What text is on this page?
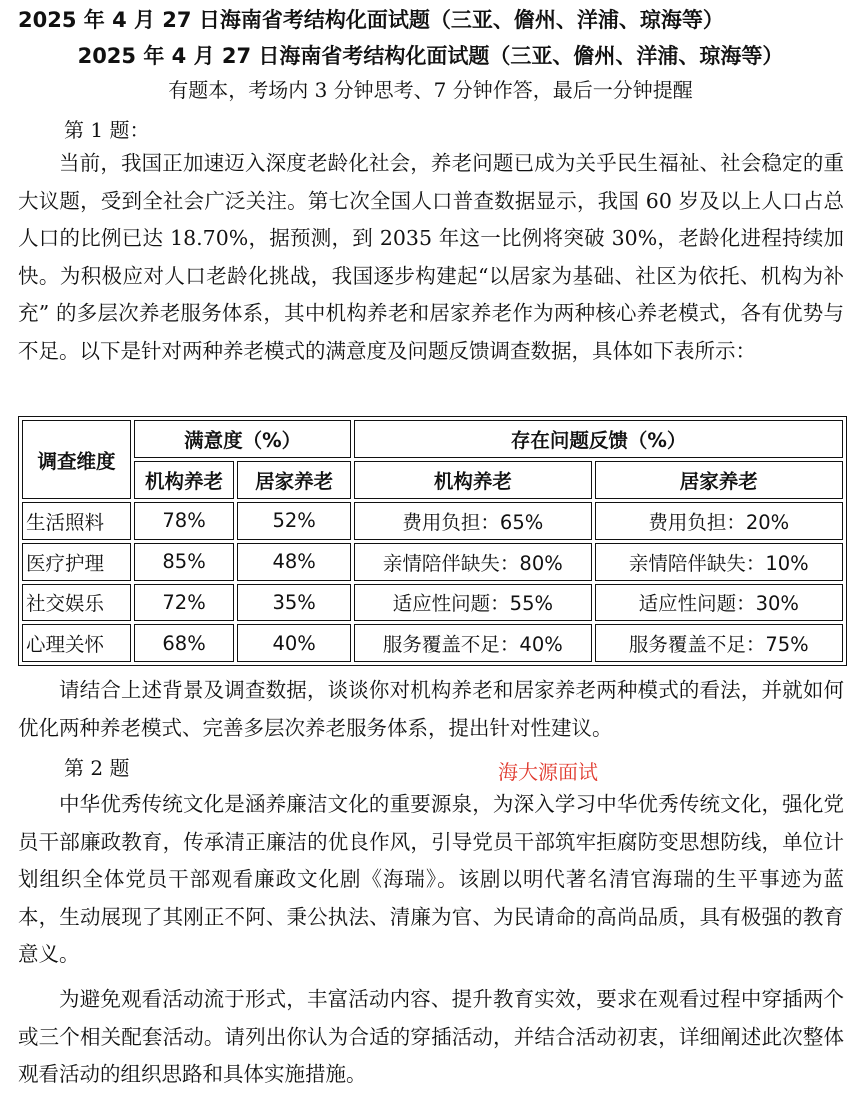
2025 年 4 月 27 日海南省考结构化面试题（三亚、儋州、洋浦、琼海等）
2025 年 4 月 27 日海南省考结构化面试题（三亚、儋州、洋浦、琼海等）
有题本，考场内 3 分钟思考、7 分钟作答，最后一分钟提醒
第 1 题：
当前，我国正加速迈入深度老龄化社会，养老问题已成为关乎民生福祉、社会稳定的重大议题，受到全社会广泛关注。第七次全国人口普查数据显示，我国 60 岁及以上人口占总人口的比例已达 18.70%，据预测，到 2035 年这一比例将突破 30%，老龄化进程持续加快。为积极应对人口老龄化挑战，我国逐步构建起“以居家为基础、社区为依托、机构为补充” 的多层次养老服务体系，其中机构养老和居家养老作为两种核心养老模式，各有优势与不足。以下是针对两种养老模式的满意度及问题反馈调查数据，具体如下表所示：
调查维度	满意度（%）		存在问题反馈（%）	
	机构养老	居家养老	机构养老	居家养老
生活照料	78%	52%	费用负担：65%	费用负担：20%
医疗护理	85%	48%	亲情陪伴缺失：80%	亲情陪伴缺失：10%
社交娱乐	72%	35%	适应性问题：55%	适应性问题：30%
心理关怀	68%	40%	服务覆盖不足：40%	服务覆盖不足：75%
请结合上述背景及调查数据，谈谈你对机构养老和居家养老两种模式的看法，并就如何优化两种养老模式、完善多层次养老服务体系，提出针对性建议。
第 2 题	海大源面试
中华优秀传统文化是涵养廉洁文化的重要源泉，为深入学习中华优秀传统文化，强化党员干部廉政教育，传承清正廉洁的优良作风，引导党员干部筑牢拒腐防变思想防线，单位计划组织全体党员干部观看廉政文化剧《海瑞》。该剧以明代著名清官海瑞的生平事迹为蓝本，生动展现了其刚正不阿、秉公执法、清廉为官、为民请命的高尚品质，具有极强的教育意义。
为避免观看活动流于形式，丰富活动内容、提升教育实效，要求在观看过程中穿插两个或三个相关配套活动。请列出你认为合适的穿插活动，并结合活动初衷，详细阐述此次整体观看活动的组织思路和具体实施措施。
